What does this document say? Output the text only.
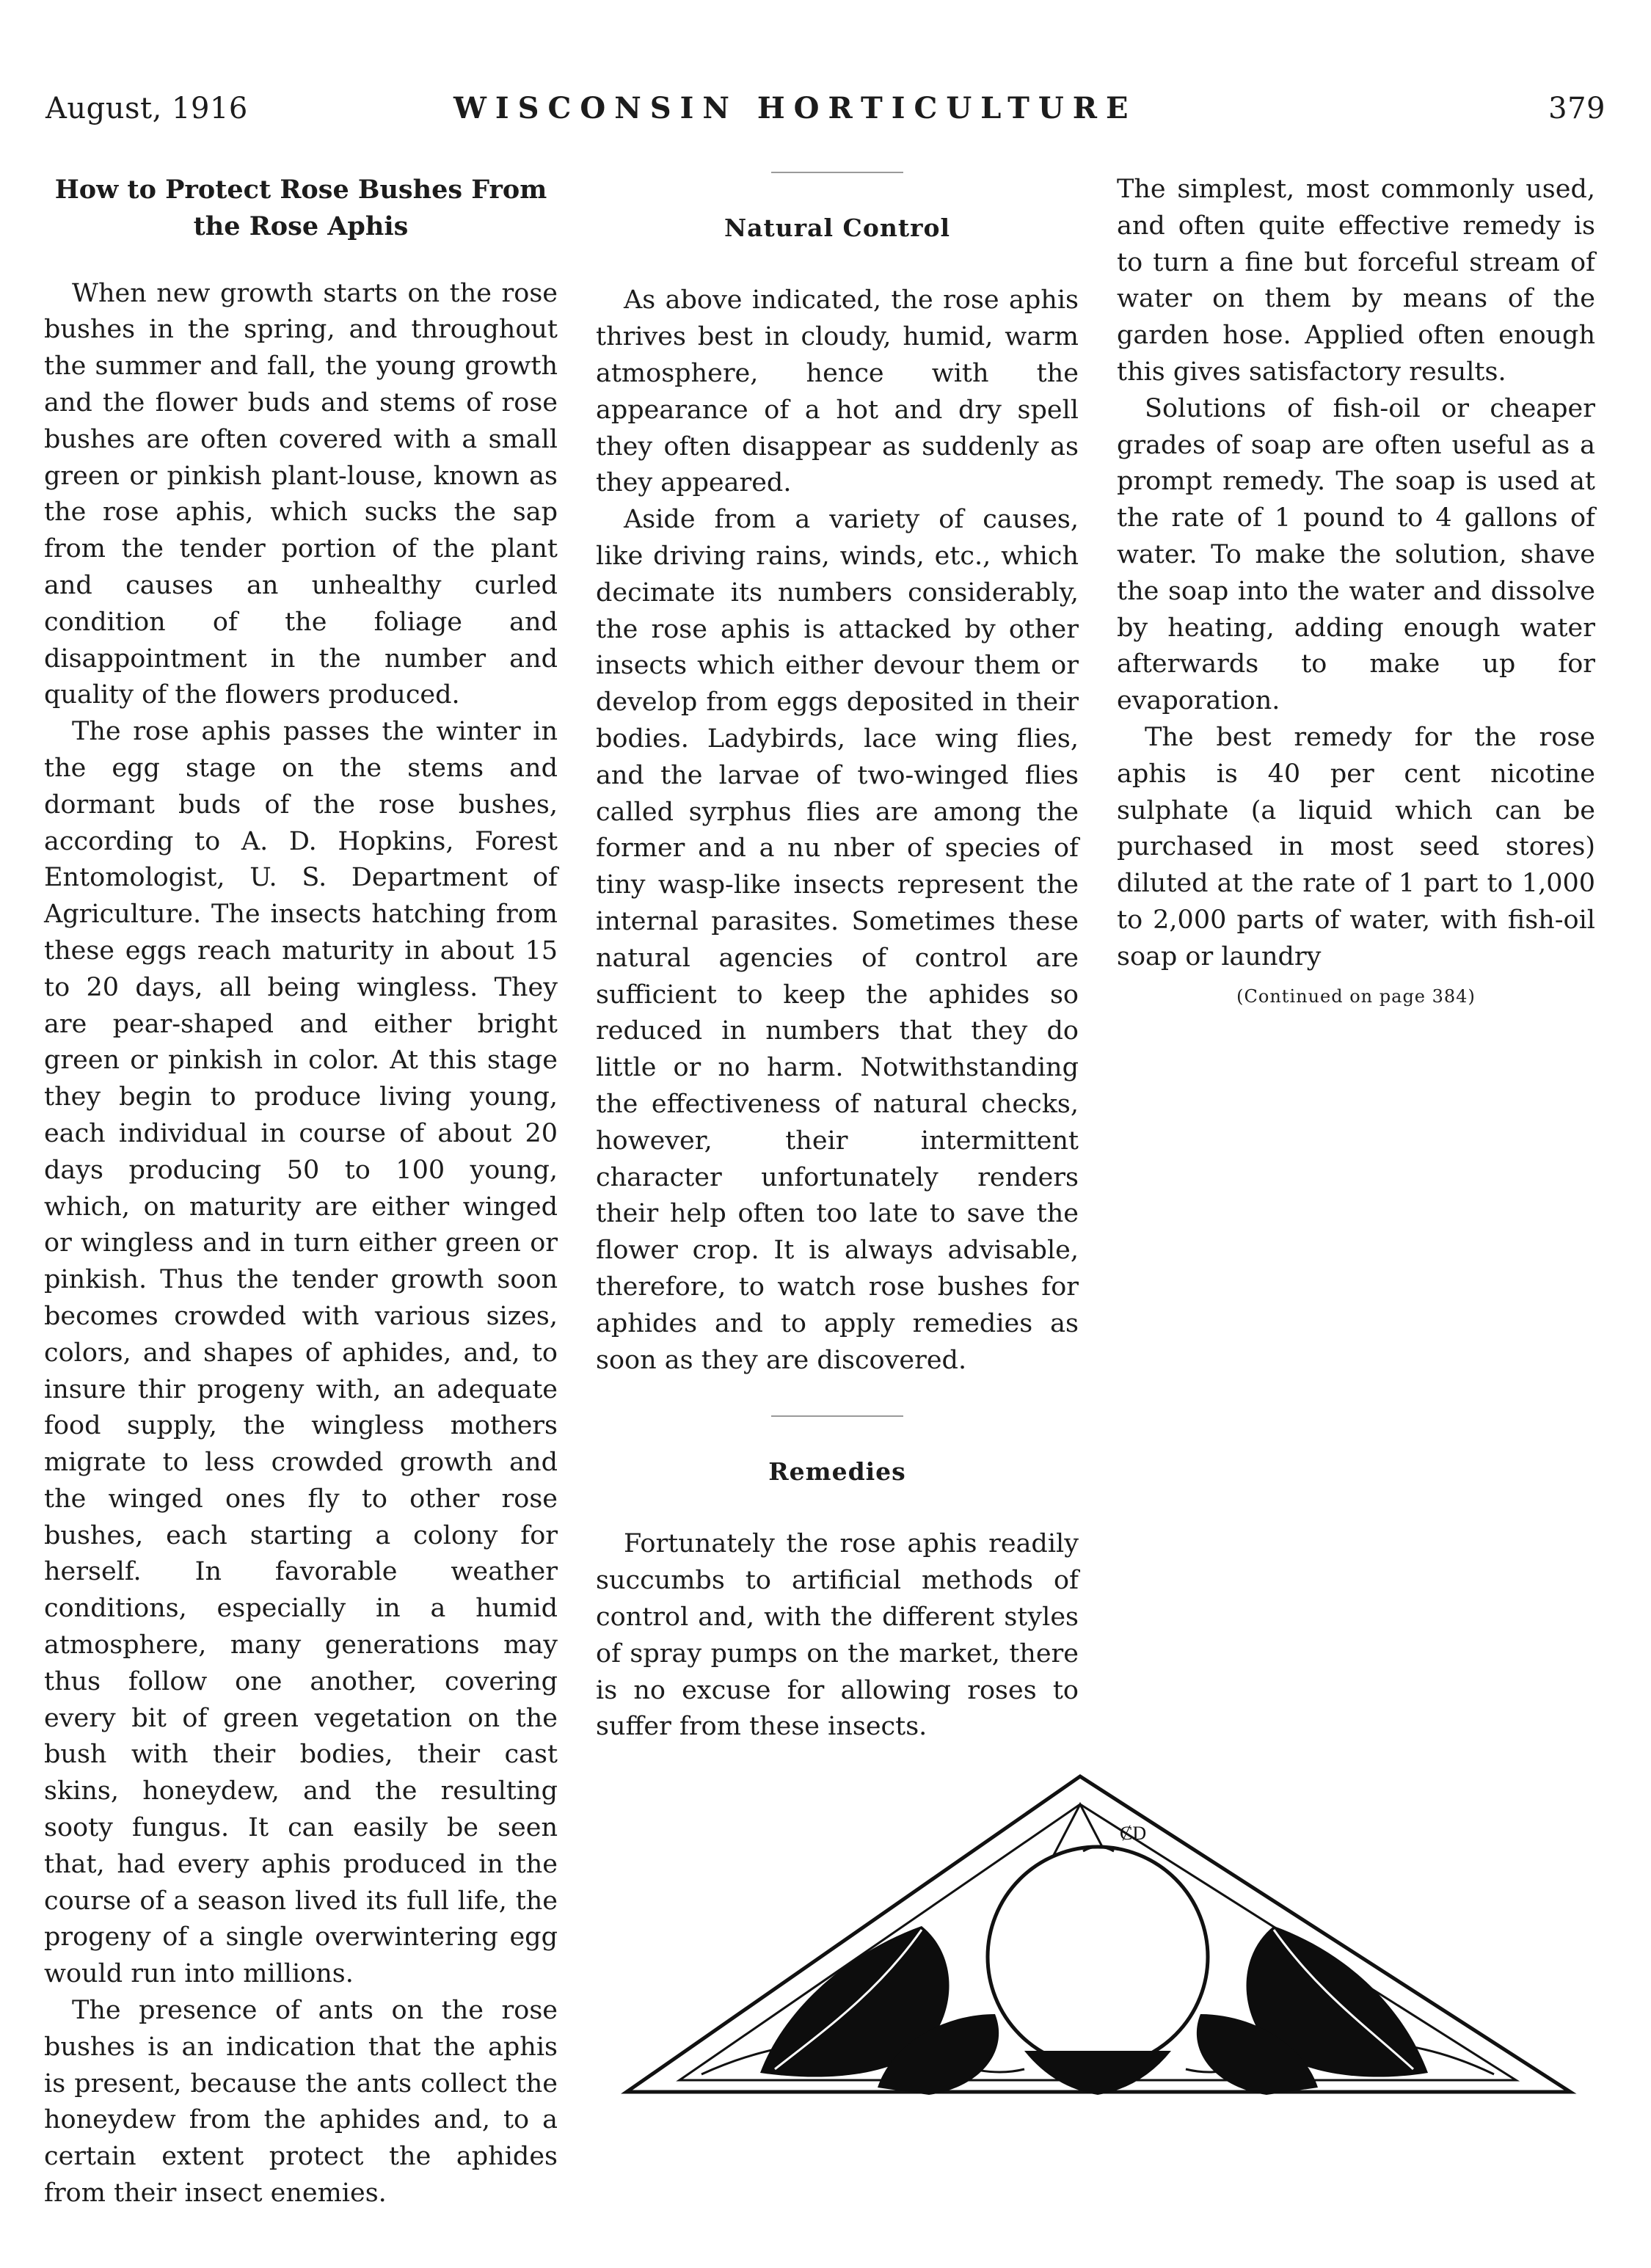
August, 1916	WISCONSIN HORTICULTURE	379
How to Protect Rose Bushes From the Rose Aphis

When new growth starts on the rose bushes in the spring, and throughout the summer and fall, the young growth and the flower buds and stems of rose bushes are often covered with a small green or pinkish plant-louse, known as the rose aphis, which sucks the sap from the tender portion of the plant and causes an unhealthy curled condition of the foliage and disappointment in the number and quality of the flowers produced.

The rose aphis passes the winter in the egg stage on the stems and dormant buds of the rose bushes, according to A. D. Hopkins, Forest Entomologist, U. S. Department of Agriculture. The insects hatching from these eggs reach maturity in about 15 to 20 days, all being wingless. They are pear-shaped and either bright green or pinkish in color. At this stage they begin to produce living young, each individual in course of about 20 days producing 50 to 100 young, which, on maturity are either winged or wingless and in turn either green or pinkish. Thus the tender growth soon becomes crowded with various sizes, colors, and shapes of aphides, and, to insure thir progeny with, an adequate food supply, the wingless mothers migrate to less crowded growth and the winged ones fly to other rose bushes, each starting a colony for herself. In favorable weather conditions, especially in a humid atmosphere, many generations may thus follow one another, covering every bit of green vegetation on the bush with their bodies, their cast skins, honeydew, and the resulting sooty fungus. It can easily be seen that, had every aphis produced in the course of a season lived its full life, the progeny of a single overwintering egg would run into millions.

The presence of ants on the rose bushes is an indication that the aphis is present, because the ants collect the honeydew from the aphides and, to a certain extent protect the aphides from their insect enemies.

Natural Control

As above indicated, the rose aphis thrives best in cloudy, humid, warm atmosphere, hence with the appearance of a hot and dry spell they often disappear as suddenly as they appeared.

Aside from a variety of causes, like driving rains, winds, etc., which decimate its numbers considerably, the rose aphis is attacked by other insects which either devour them or develop from eggs deposited in their bodies. Ladybirds, lace wing flies, and the larvae of two-winged flies called syrphus flies are among the former and a nu nber of species of tiny wasp-like insects represent the internal parasites. Sometimes these natural agencies of control are sufficient to keep the aphides so reduced in numbers that they do little or no harm. Notwithstanding the effectiveness of natural checks, however, their intermittent character unfortunately renders their help often too late to save the flower crop. It is always advisable, therefore, to watch rose bushes for aphides and to apply remedies as soon as they are discovered.

Remedies

Fortunately the rose aphis readily succumbs to artificial methods of control and, with the different styles of spray pumps on the market, there is no excuse for allowing roses to suffer from these insects.

The simplest, most commonly used, and often quite effective remedy is to turn a fine but forceful stream of water on them by means of the garden hose. Applied often enough this gives satisfactory results.

Solutions of fish-oil or cheaper grades of soap are often useful as a prompt remedy. The soap is used at the rate of 1 pound to 4 gallons of water. To make the solution, shave the soap into the water and dissolve by heating, adding enough water afterwards to make up for evaporation.

The best remedy for the rose aphis is 40 per cent nicotine sulphate (a liquid which can be purchased in most seed stores) diluted at the rate of 1 part to 1,000 to 2,000 parts of water, with fish-oil soap or laundry

(Continued on page 384)
ȻD
